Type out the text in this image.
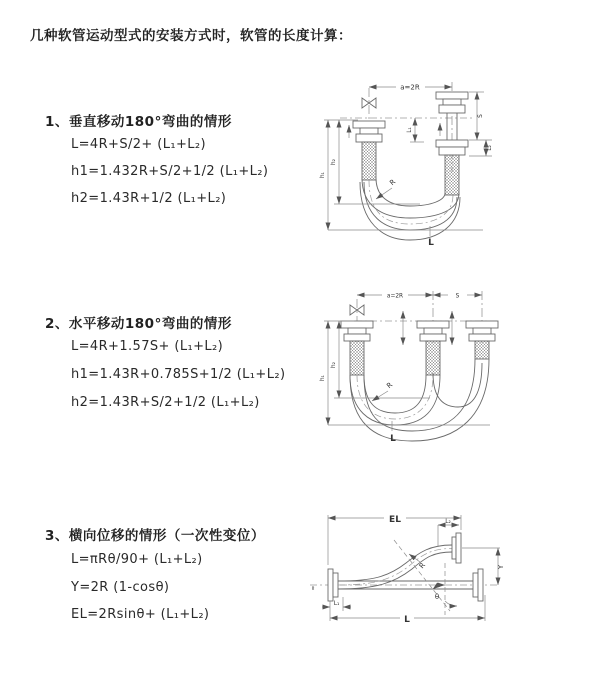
几种软管运动型式的安装方式时，软管的长度计算：
1、垂直移动180°弯曲的情形
L=4R+S/2+ (L₁+L₂)
h1=1.432R+S/2+1/2 (L₁+L₂)
h2=1.43R+1/2 (L₁+L₂)
2、水平移动180°弯曲的情形
L=4R+1.57S+ (L₁+L₂)
h1=1.43R+0.785S+1/2 (L₁+L₂)
h2=1.43R+S/2+1/2 (L₁+L₂)
3、横向位移的情形（一次性变位）
L=πRθ/90+ (L₁+L₂)
Y=2R (1-cosθ)
EL=2Rsinθ+ (L₁+L₂)
a=2R
h₁
h₂
L₁
S
L₂
R
L
a=2R	S
h₁
h₂
R
L
≈
EL	L₂
Y
θ
R
L
L₁
